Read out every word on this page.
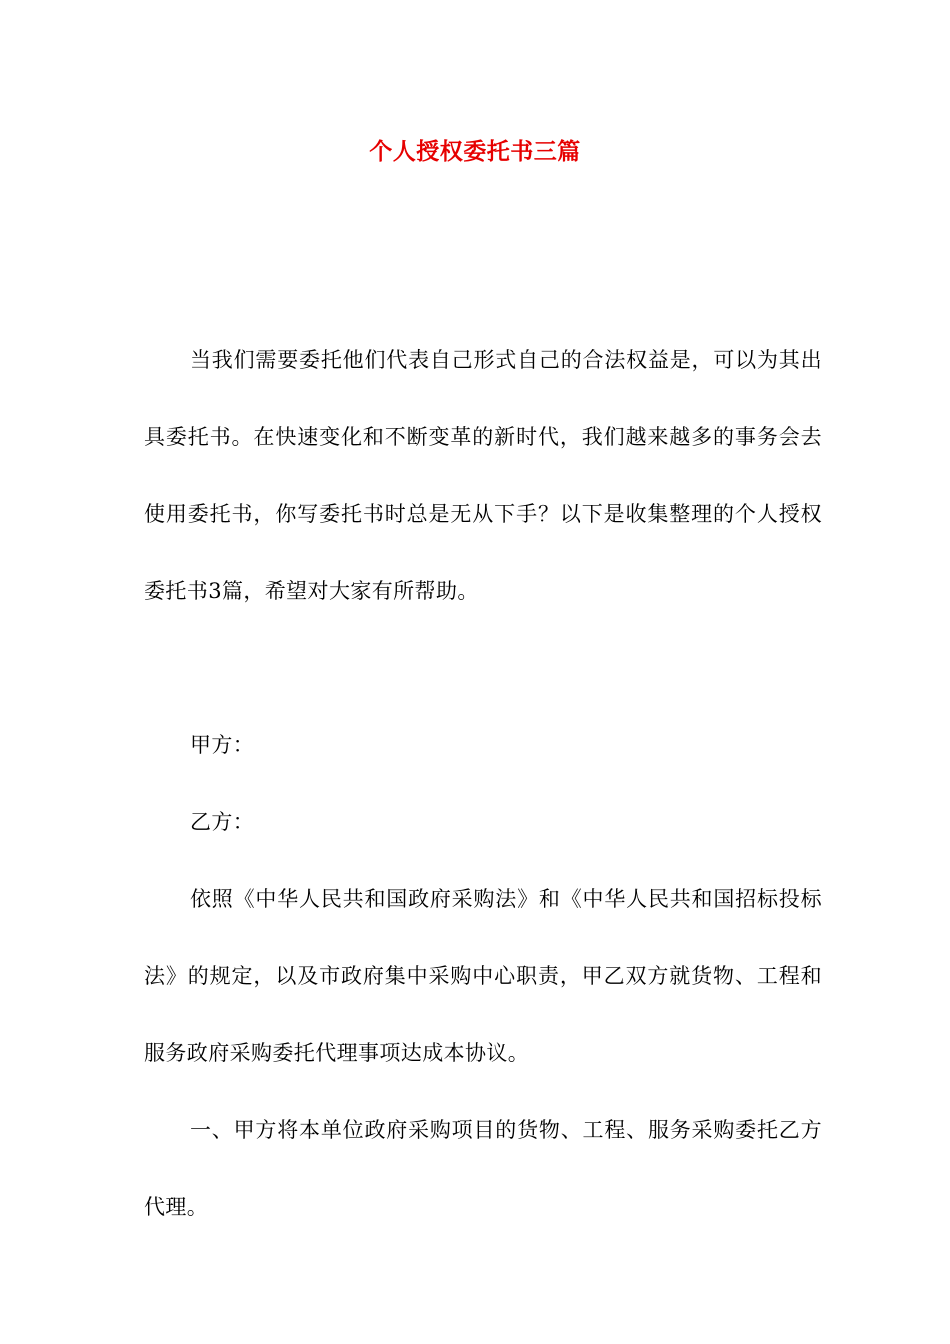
个人授权委托书三篇

当我们需要委托他们代表自己形式自己的合法权益是，可以为其出具委托书。在快速变化和不断变革的新时代，我们越来越多的事务会去使用委托书，你写委托书时总是无从下手？以下是收集整理的个人授权委托书3篇，希望对大家有所帮助。

甲方：

乙方：

依照《中华人民共和国政府采购法》和《中华人民共和国招标投标法》的规定，以及市政府集中采购中心职责，甲乙双方就货物、工程和服务政府采购委托代理事项达成本协议。

一、甲方将本单位政府采购项目的货物、工程、服务采购委托乙方代理。
